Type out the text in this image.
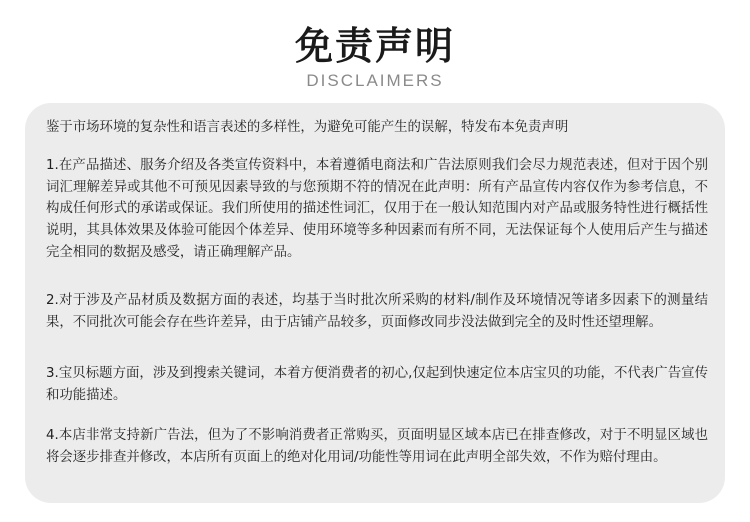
免责声明
DISCLAIMERS
鉴于市场环境的复杂性和语言表述的多样性，为避免可能产生的误解，特发布本免责声明
1.在产品描述、服务介绍及各类宣传资料中，本着遵循电商法和广告法原则我们会尽力规范表述，但对于因个别词汇理解差异或其他不可预见因素导致的与您预期不符的情况在此声明：所有产品宣传内容仅作为参考信息，不构成任何形式的承诺或保证。我们所使用的描述性词汇，仅用于在一般认知范围内对产品或服务特性进行概括性说明，其具体效果及体验可能因个体差异、使用环境等多种因素而有所不同，无法保证每个人使用后产生与描述完全相同的数据及感受，请正确理解产品。
2.对于涉及产品材质及数据方面的表述，均基于当时批次所采购的材料/制作及环境情况等诸多因素下的测量结果，不同批次可能会存在些许差异，由于店铺产品较多，页面修改同步没法做到完全的及时性还望理解。
3.宝贝标题方面，涉及到搜索关键词，本着方便消费者的初心,仅起到快速定位本店宝贝的功能，不代表广告宣传和功能描述。
4.本店非常支持新广告法，但为了不影响消费者正常购买，页面明显区域本店已在排查修改，对于不明显区域也将会逐步排查并修改，本店所有页面上的绝对化用词/功能性等用词在此声明全部失效，不作为赔付理由。
